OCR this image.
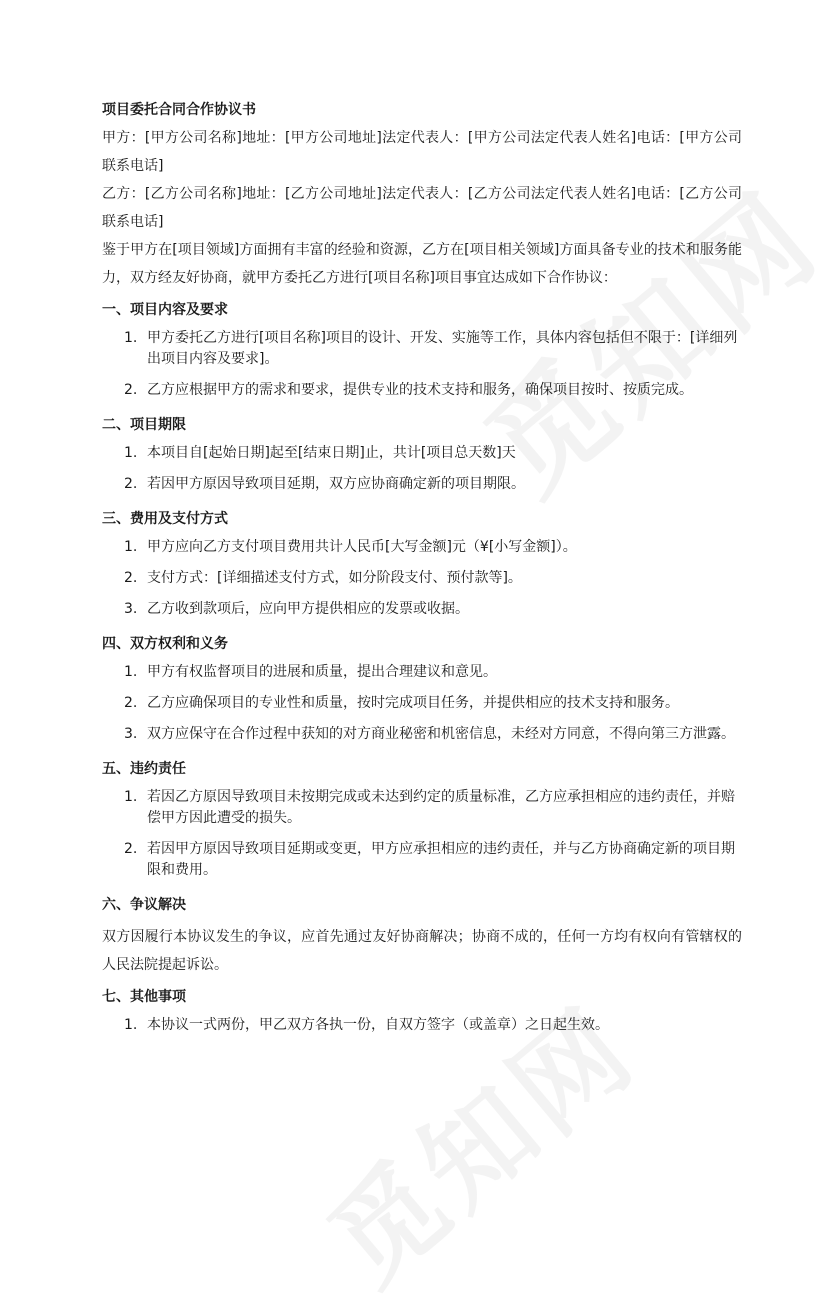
项目委托合同合作协议书

甲方：[甲方公司名称]地址：[甲方公司地址]法定代表人：[甲方公司法定代表人姓名]电话：[甲方公司联系电话]

乙方：[乙方公司名称]地址：[乙方公司地址]法定代表人：[乙方公司法定代表人姓名]电话：[乙方公司联系电话]

鉴于甲方在[项目领域]方面拥有丰富的经验和资源，乙方在[项目相关领域]方面具备专业的技术和服务能力，双方经友好协商，就甲方委托乙方进行[项目名称]项目事宜达成如下合作协议：

一、项目内容及要求

1. 甲方委托乙方进行[项目名称]项目的设计、开发、实施等工作，具体内容包括但不限于：[详细列出项目内容及要求]。
2. 乙方应根据甲方的需求和要求，提供专业的技术支持和服务，确保项目按时、按质完成。

二、项目期限

1. 本项目自[起始日期]起至[结束日期]止，共计[项目总天数]天
2. 若因甲方原因导致项目延期，双方应协商确定新的项目期限。

三、费用及支付方式

1. 甲方应向乙方支付项目费用共计人民币[大写金额]元（¥[小写金额]）。
2. 支付方式：[详细描述支付方式，如分阶段支付、预付款等]。
3. 乙方收到款项后，应向甲方提供相应的发票或收据。

四、双方权利和义务

1. 甲方有权监督项目的进展和质量，提出合理建议和意见。
2. 乙方应确保项目的专业性和质量，按时完成项目任务，并提供相应的技术支持和服务。
3. 双方应保守在合作过程中获知的对方商业秘密和机密信息，未经对方同意，不得向第三方泄露。

五、违约责任

1. 若因乙方原因导致项目未按期完成或未达到约定的质量标准，乙方应承担相应的违约责任，并赔偿甲方因此遭受的损失。
2. 若因甲方原因导致项目延期或变更，甲方应承担相应的违约责任，并与乙方协商确定新的项目期限和费用。

六、争议解决

双方因履行本协议发生的争议，应首先通过友好协商解决；协商不成的，任何一方均有权向有管辖权的人民法院提起诉讼。

七、其他事项

1. 本协议一式两份，甲乙双方各执一份，自双方签字（或盖章）之日起生效。
